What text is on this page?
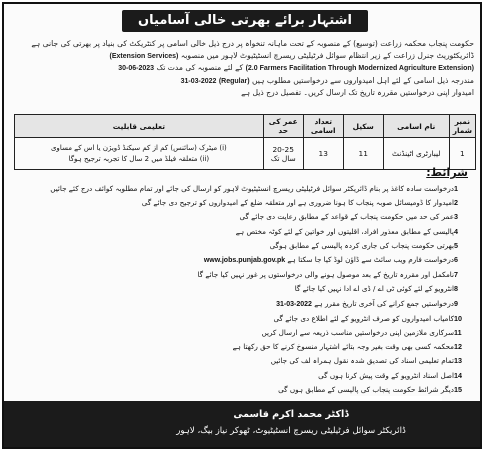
اشتہار برائے بھرتی خالی آسامیاں

حکومت پنجاب محکمہ زراعت (توسیع) کے منصوبہ کے تحت ماہانہ تنخواہ پر درج ذیل خالی اسامی پر کنٹریکٹ کی بنیاد پر بھرتی کی جانی ہے

ڈائریکٹوریٹ جنرل زراعت کے زیر انتظام سوائل فرٹیلیٹی ریسرچ انسٹیٹیوٹ لاہور میں منصوبہ (Extension Services)

(2.0 Farmers Facilitation Through Modernized Agriculture Extension) کے لئے منصوبہ کی مدت تک 30-06-2023

مندرجہ ذیل اسامی کے لئے اہل امیدواروں سے درخواستیں مطلوب ہیں 31-03-2022 (Regular)

امیدوار اپنی درخواستیں مقررہ تاریخ تک ارسال کریں۔ تفصیل درج ذیل ہے

نمبر شمار	نام اسامی	سکیل	تعداد اسامی	عمر کی حد	تعلیمی قابلیت
1	لیبارٹری اٹینڈنٹ	11	13	20-25 سال تک	(i) میٹرک (سائنس) کم از کم سیکنڈ ڈویژن یا اس کے مساوی
(ii) متعلقہ فیلڈ میں 2 سال کا تجربہ ترجیح ہوگا
شرائط:
1
درخواست سادہ کاغذ پر بنام ڈائریکٹر سوائل فرٹیلیٹی ریسرچ انسٹیٹیوٹ لاہور کو ارسال کی جائے اور تمام مطلوبہ کوائف درج کئے جائیں
2
امیدوار کا ڈومیسائل صوبہ پنجاب کا ہونا ضروری ہے اور متعلقہ ضلع کے امیدواروں کو ترجیح دی جائے گی
3
عمر کی حد میں حکومت پنجاب کے قواعد کے مطابق رعایت دی جائے گی
4
پالیسی کے مطابق معذور افراد، اقلیتوں اور خواتین کے لئے کوٹہ مختص ہے
5
بھرتی حکومت پنجاب کی جاری کردہ پالیسی کے مطابق ہوگی
6
درخواست فارم ویب سائٹ سے ڈاؤن لوڈ کیا جا سکتا ہے www.jobs.punjab.gov.pk
7
نامکمل اور مقررہ تاریخ کے بعد موصول ہونے والی درخواستوں پر غور نہیں کیا جائے گا
8
انٹرویو کے لئے کوئی ٹی اے / ڈی اے ادا نہیں کیا جائے گا
9
درخواستیں جمع کرانے کی آخری تاریخ مقرر ہے 31-03-2022
10
کامیاب امیدواروں کو صرف انٹرویو کے لئے اطلاع دی جائے گی
11
سرکاری ملازمین اپنی درخواستیں مناسب ذریعہ سے ارسال کریں
12
محکمہ کسی بھی وقت بغیر وجہ بتائے اشتہار منسوخ کرنے کا حق رکھتا ہے
13
تمام تعلیمی اسناد کی تصدیق شدہ نقول ہمراہ لف کی جائیں
14
اصل اسناد انٹرویو کے وقت پیش کرنا ہوں گی
15
دیگر شرائط حکومت پنجاب کی پالیسی کے مطابق ہوں گی
ڈاکٹر محمد اکرم قاسمی
ڈائریکٹر سوائل فرٹیلیٹی ریسرچ انسٹیٹیوٹ، ٹھوکر نیاز بیگ، لاہور
